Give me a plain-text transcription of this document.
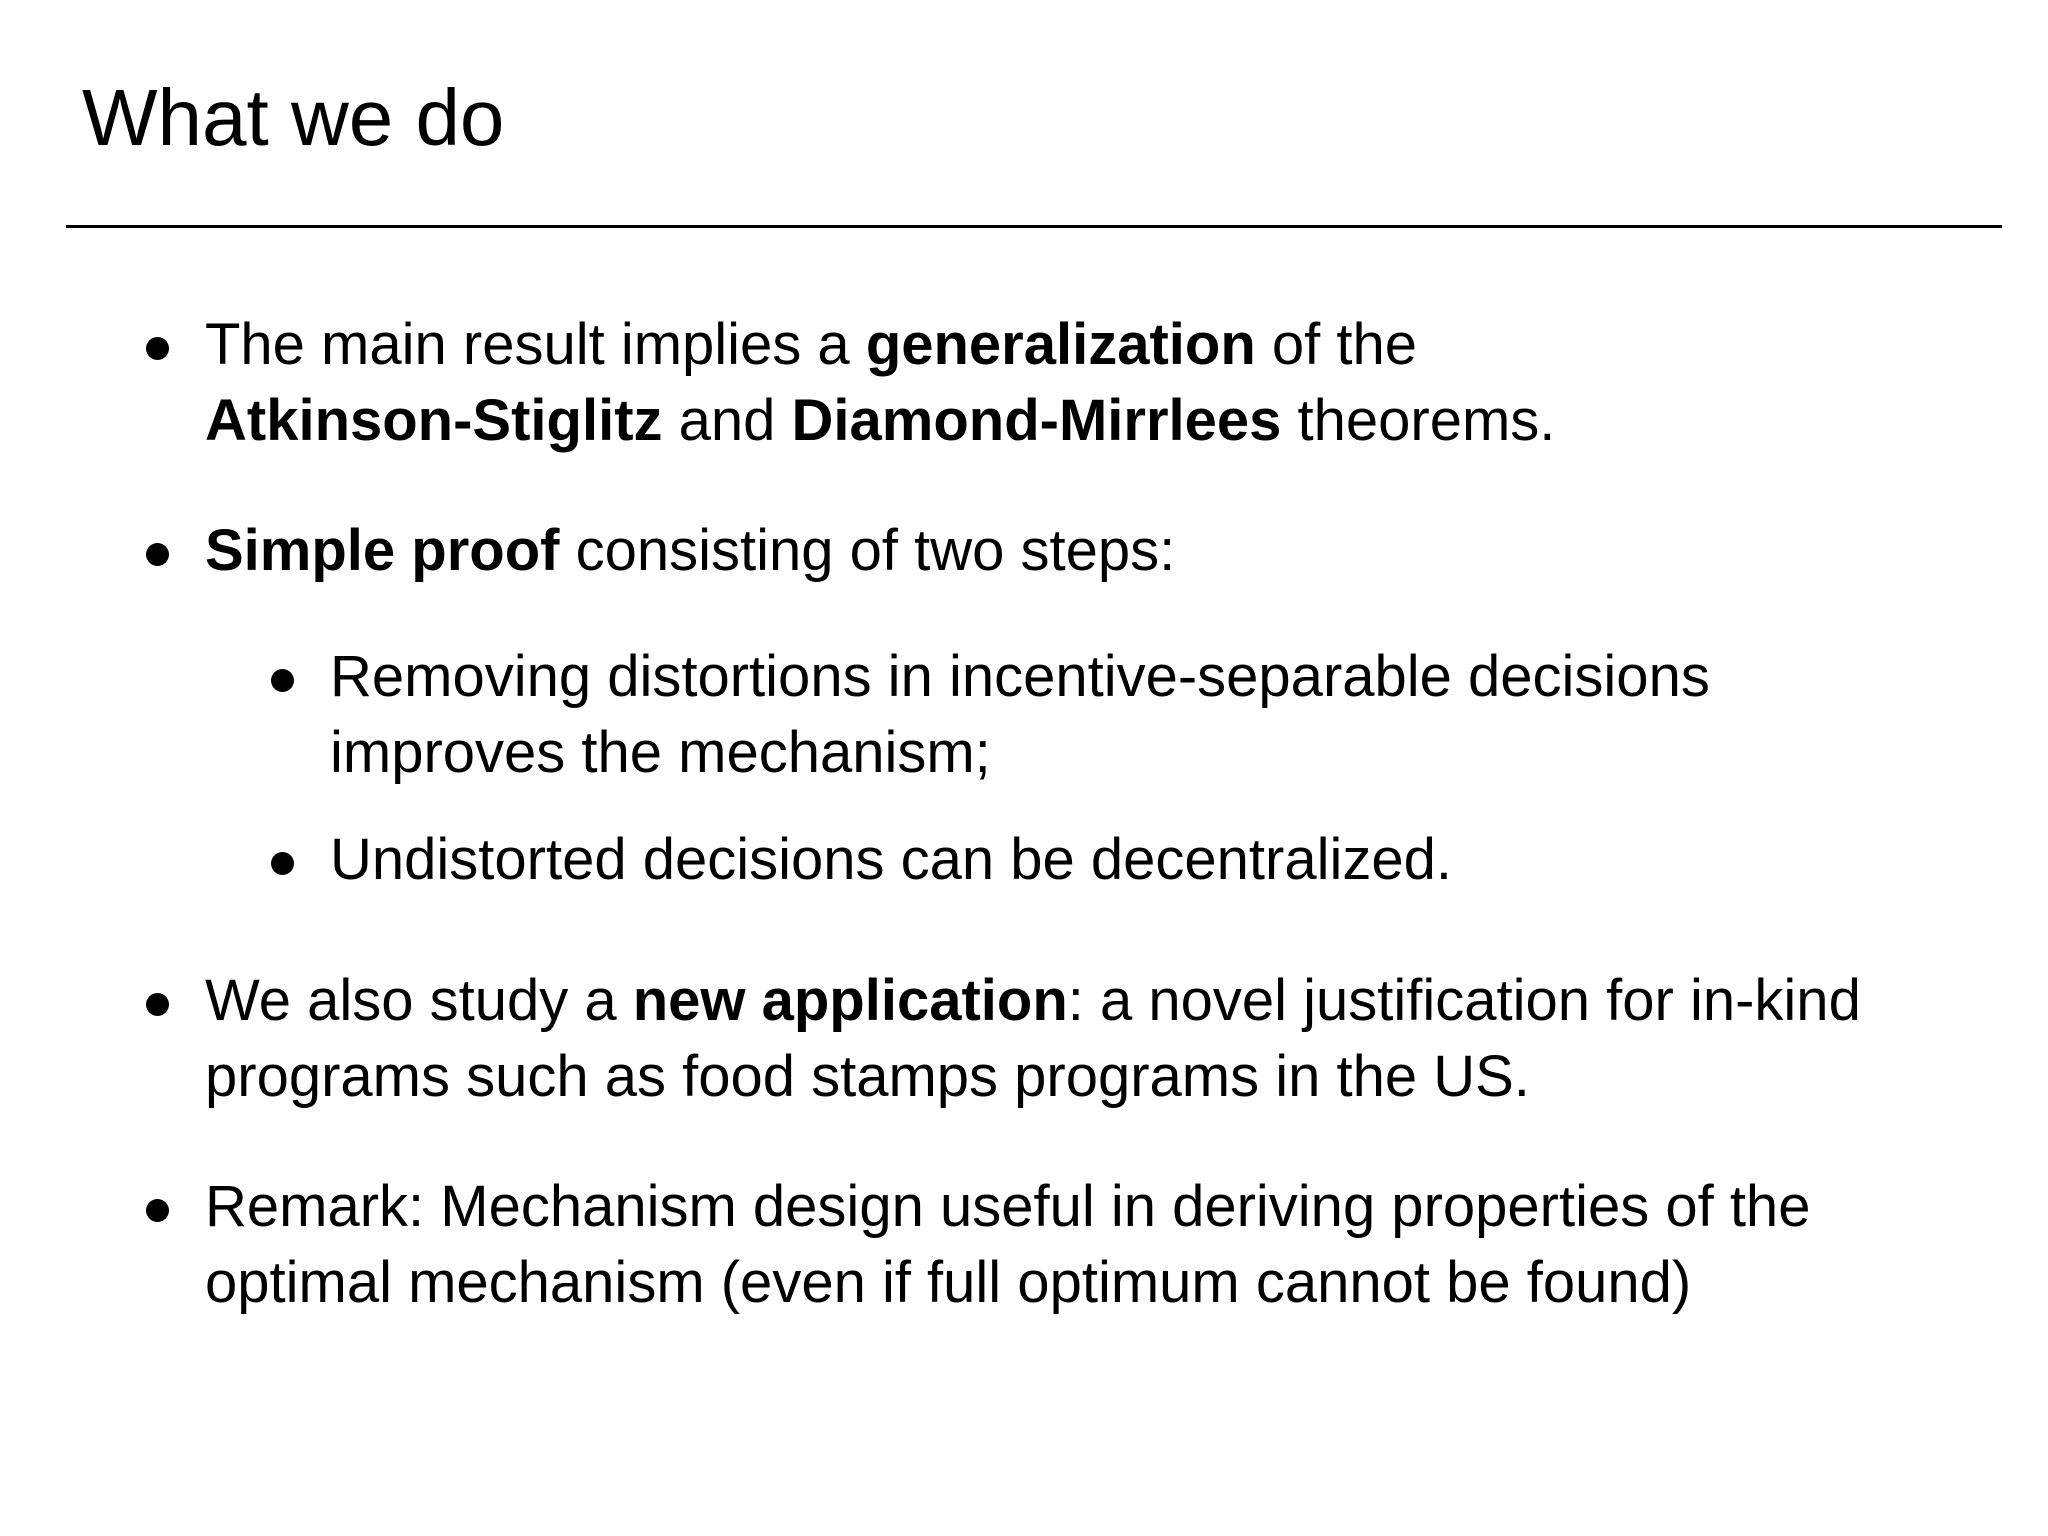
What we do
The main result implies a generalization of the
Atkinson-Stiglitz and Diamond-Mirrlees theorems.
Simple proof consisting of two steps:
Removing distortions in incentive-separable decisions
improves the mechanism;
Undistorted decisions can be decentralized.
We also study a new application: a novel justification for in-kind
programs such as food stamps programs in the US.
Remark: Mechanism design useful in deriving properties of the
optimal mechanism (even if full optimum cannot be found)
